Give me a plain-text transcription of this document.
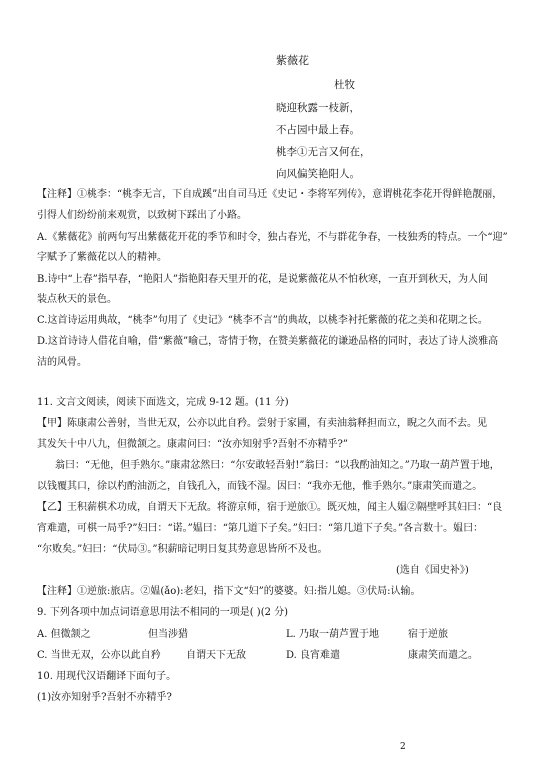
紫薇花
杜牧
晓迎秋露一枝新，
不占园中最上春。
桃李①无言又何在，
向风偏笑艳阳人。
【注释】①桃李：“桃李无言，下自成蹊”出自司马迁《史记・李将军列传》，意谓桃花李花开得鲜艳靓丽，
引得人们纷纷前来观赏，以致树下踩出了小路。
A.《紫薇花》前两句写出紫薇花开花的季节和时令，独占春光，不与群花争春，一枝独秀的特点。一个“迎”
字赋予了紫薇花以人的精神。
B.诗中“上春”指早春，“艳阳人”指艳阳春天里开的花，是说紫薇花从不怕秋寒，一直开到秋天，为人间
装点秋天的景色。
C.这首诗运用典故，“桃李”句用了《史记》“桃李不言”的典故，以桃李衬托紫薇的花之美和花期之长。
D.这首诗诗人借花自喻，借“紫薇”喻己，寄情于物，在赞美紫薇花的谦逊品格的同时，表达了诗人淡雅高
洁的风骨。
11. 文言文阅读，阅读下面选文，完成 9-12 题。(11 分)
【甲】陈康肃公善射，当世无双，公亦以此自矜。尝射于家圃，有卖油翁释担而立，睨之久而不去。见
其发矢十中八九，但微颔之。康肃问曰：“汝亦知射乎?吾射不亦精乎?”
翁曰：“无他，但手熟尔。”康肃忿然曰：“尔安敢轻吾射!”翁曰：“以我酌油知之。”乃取一葫芦置于地，
以钱覆其口，徐以杓酌油沥之，自钱孔入，而钱不湿。因曰：“我亦无他，惟手熟尔。”康肃笑而遣之。
【乙】王积薪棋术功成，自谓天下无敌。将游京师，宿于逆旅①。既灭烛，闻主人媪②隔壁呼其妇曰：“良
宵难遣，可棋一局乎?”妇曰：“诺。”媪曰：“第几道下子矣。”妇曰：“第几道下子矣。”各言数十。媪曰：
“尔败矣。”妇曰：“伏局③。”积薪暗记明日复其势意思皆所不及也。
(选自《国史补》)
【注释】①逆旅:旅店。②媪(ǎo):老妇，指下文“妇”的婆婆。妇:指儿媳。③伏局:认输。
9. 下列各项中加点词语意思用法不相同的一项是( )(2 分)
A. 但微颔之	但当涉猎	L. 乃取一葫芦置于地	宿于逆旅
C. 当世无双，公亦以此自矜	自谓天下无敌	D. 良宵难遣	康肃笑而遣之。
10. 用现代汉语翻译下面句子。
(1)汝亦知射乎?吾射不亦精乎?
2
